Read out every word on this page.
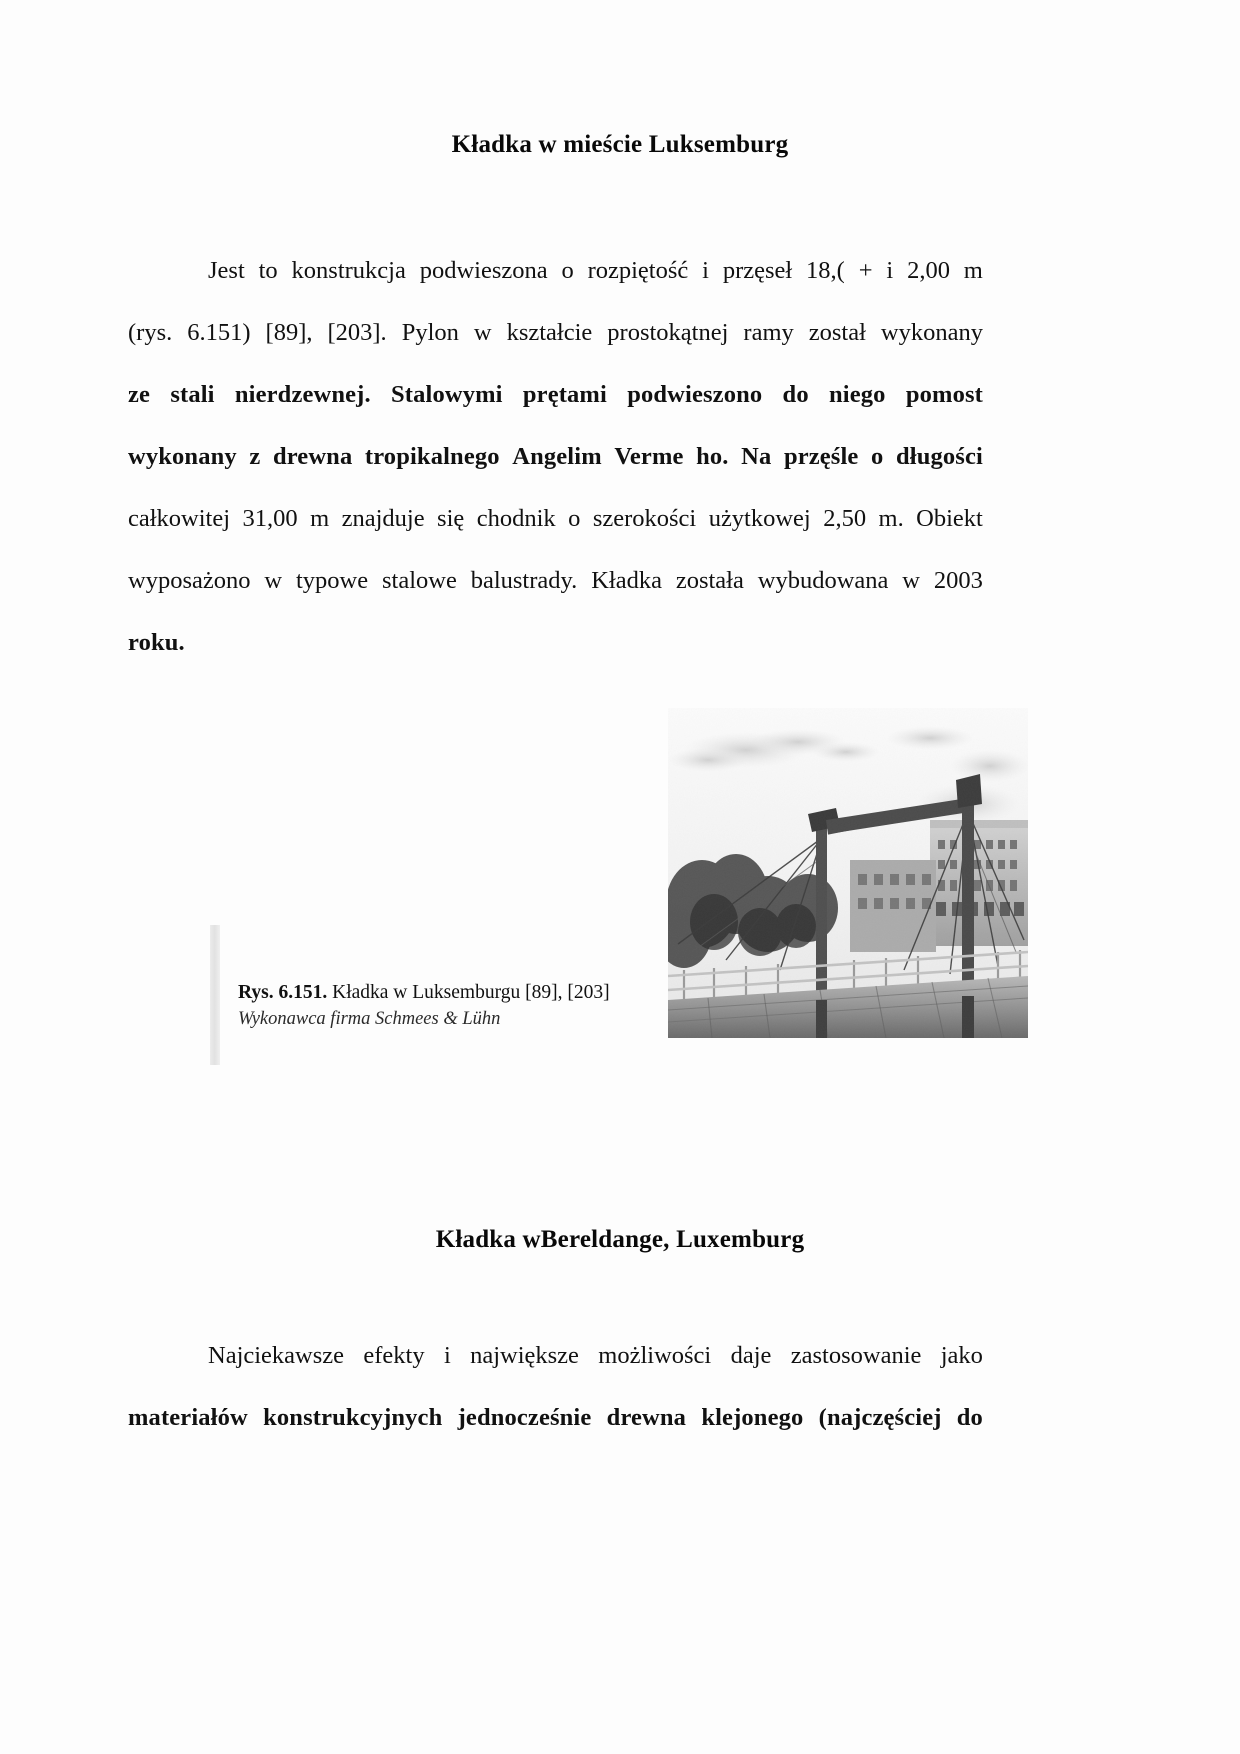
Kładka w mieście Luksemburg
Jest to konstrukcja podwieszona o rozpiętość i przęseł 18,( + i 2,00 m
(rys. 6.151) [89], [203]. Pylon w kształcie prostokątnej ramy został wykonany
ze stali nierdzewnej. Stalowymi prętami podwieszono do niego pomost
wykonany z drewna tropikalnego Angelim Verme ho. Na przęśle o długości
całkowitej 31,00 m znajduje się chodnik o szerokości użytkowej 2,50 m. Obiekt
wyposażono w typowe stalowe balustrady. Kładka została wybudowana w 2003
roku.
Rys. 6.151. Kładka w Luksemburgu [89], [203]
Wykonawca firma Schmees & Lühn
Kładka wBereldange, Luxemburg
Najciekawsze efekty i największe możliwości daje zastosowanie jako
materiałów konstrukcyjnych jednocześnie drewna klejonego (najczęściej do
